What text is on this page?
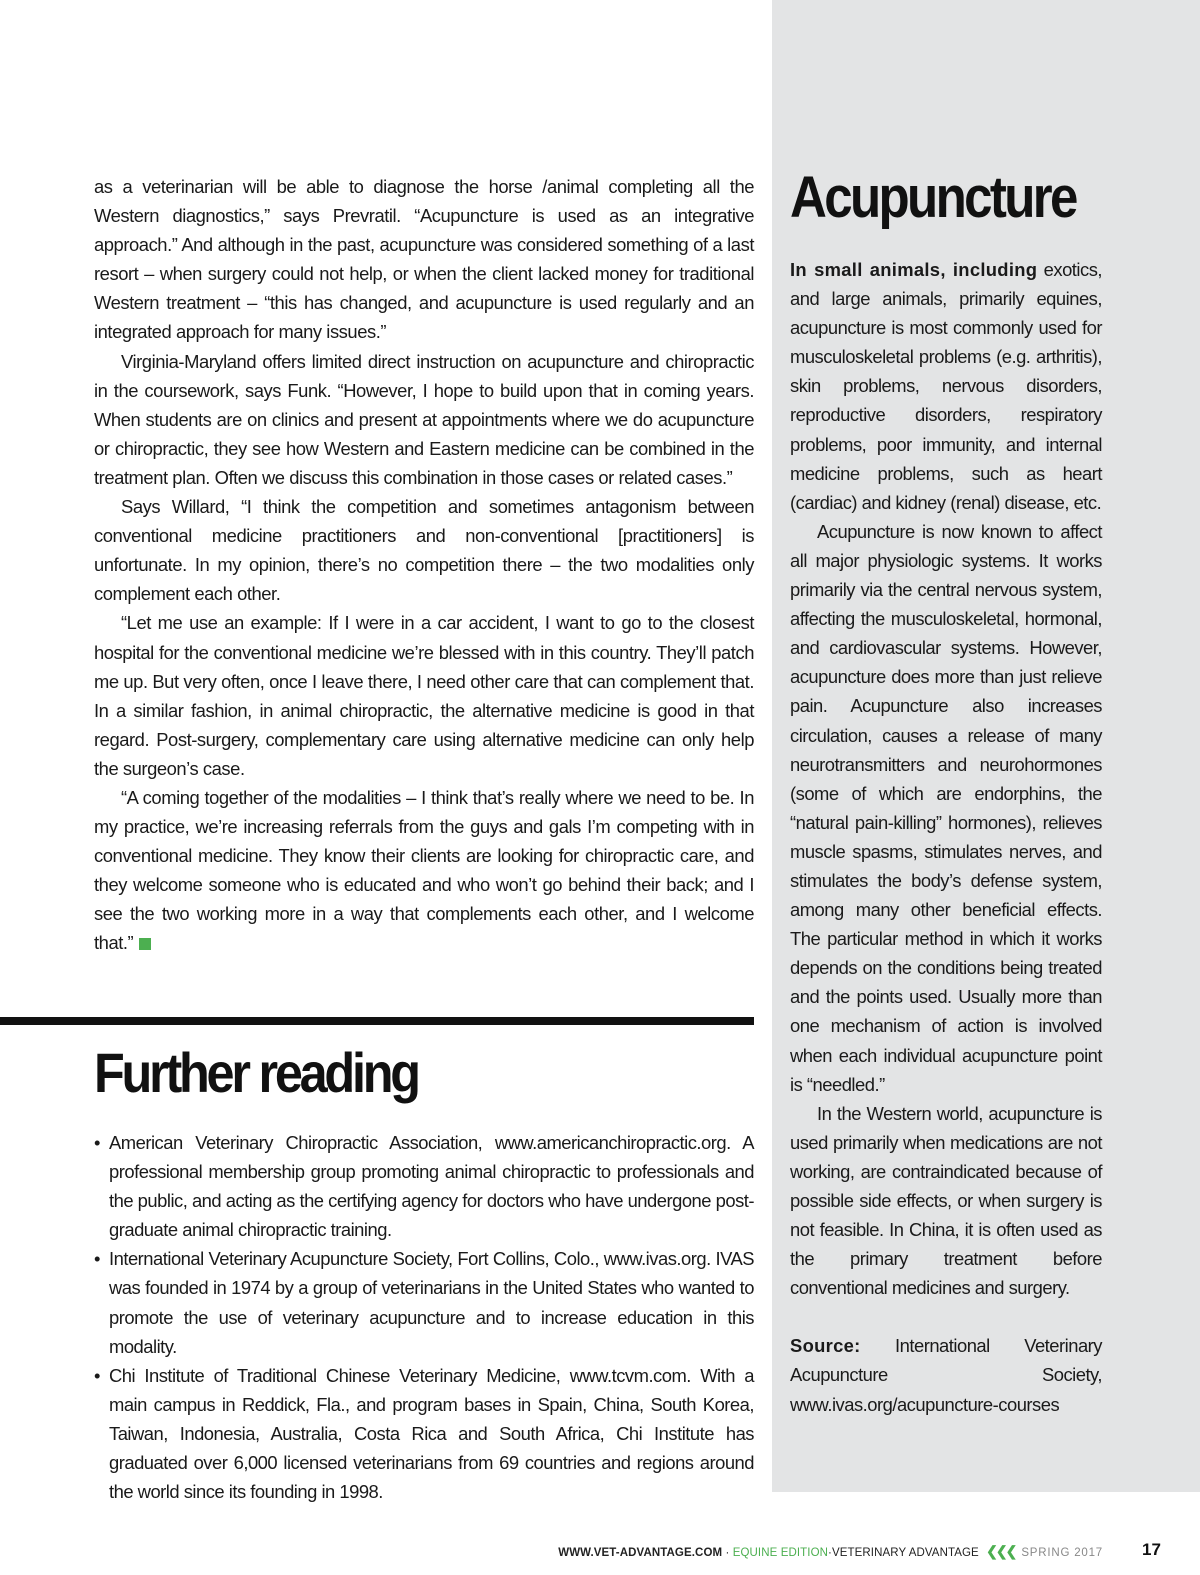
as a veterinarian will be able to diagnose the horse /animal completing all the Western diagnostics,” says Prevratil. “Acupuncture is used as an integrative approach.” And although in the past, acupuncture was considered something of a last resort – when surgery could not help, or when the client lacked money for traditional Western treatment – “this has changed, and acupuncture is used regularly and an integrated approach for many issues.”

Virginia-Maryland offers limited direct instruction on acupuncture and chiropractic in the coursework, says Funk. “However, I hope to build upon that in coming years. When students are on clinics and present at appointments where we do acupuncture or chiropractic, they see how Western and Eastern medicine can be combined in the treatment plan. Often we discuss this combination in those cases or related cases.”

Says Willard, “I think the competition and sometimes antagonism between conventional medicine practitioners and non-conventional [practitioners] is unfortunate. In my opinion, there’s no competition there – the two modalities only complement each other.

“Let me use an example: If I were in a car accident, I want to go to the closest hospital for the conventional medicine we’re blessed with in this country. They’ll patch me up. But very often, once I leave there, I need other care that can complement that. In a similar fashion, in animal chiropractic, the alternative medicine is good in that regard. Post-surgery, complementary care using alternative medicine can only help the surgeon’s case.

“A coming together of the modalities – I think that’s really where we need to be. In my practice, we’re increasing referrals from the guys and gals I’m competing with in conventional medicine. They know their clients are looking for chiropractic care, and they welcome someone who is educated and who won’t go behind their back; and I see the two working more in a way that complements each other, and I welcome that.”

Further reading
• American Veterinary Chiropractic Association, www.americanchiropractic.org. A professional membership group promoting animal chiropractic to professionals and the public, and acting as the certifying agency for doctors who have undergone post-graduate animal chiropractic training.
• International Veterinary Acupuncture Society, Fort Collins, Colo., www.ivas.org. IVAS was founded in 1974 by a group of veterinarians in the United States who wanted to promote the use of veterinary acupuncture and to increase education in this modality.
• Chi Institute of Traditional Chinese Veterinary Medicine, www.tcvm.com. With a main campus in Reddick, Fla., and program bases in Spain, China, South Korea, Taiwan, Indonesia, Australia, Costa Rica and South Africa, Chi Institute has graduated over 6,000 licensed veterinarians from 69 countries and regions around the world since its founding in 1998.
Acupuncture

In small animals, including exotics, and large animals, primarily equines, acupuncture is most commonly used for musculoskeletal problems (e.g. arthritis), skin problems, nervous disorders, reproductive disorders, respiratory problems, poor immunity, and internal medicine problems, such as heart (cardiac) and kidney (renal) disease, etc.

Acupuncture is now known to affect all major physiologic systems. It works primarily via the central nervous system, affecting the musculoskeletal, hormonal, and cardiovascular systems. However, acupuncture does more than just relieve pain. Acupuncture also increases circulation, causes a release of many neurotransmitters and neurohormones (some of which are endorphins, the “natural pain-killing” hormones), relieves muscle spasms, stimulates nerves, and stimulates the body’s defense system, among many other beneficial effects. The particular method in which it works depends on the conditions being treated and the points used. Usually more than one mechanism of action is involved when each individual acupuncture point is “needled.”

In the Western world, acupuncture is used primarily when medications are not working, are contraindicated because of possible side effects, or when surgery is not feasible. In China, it is often used as the primary treatment before conventional medicines and surgery.

Source: International Veterinary Acupuncture Society, www.ivas.org/acupuncture-courses

WWW.VET-ADVANTAGE.COM · EQUINE EDITION·VETERINARY ADVANTAGE ❮❮❮ SPRING 2017 17
